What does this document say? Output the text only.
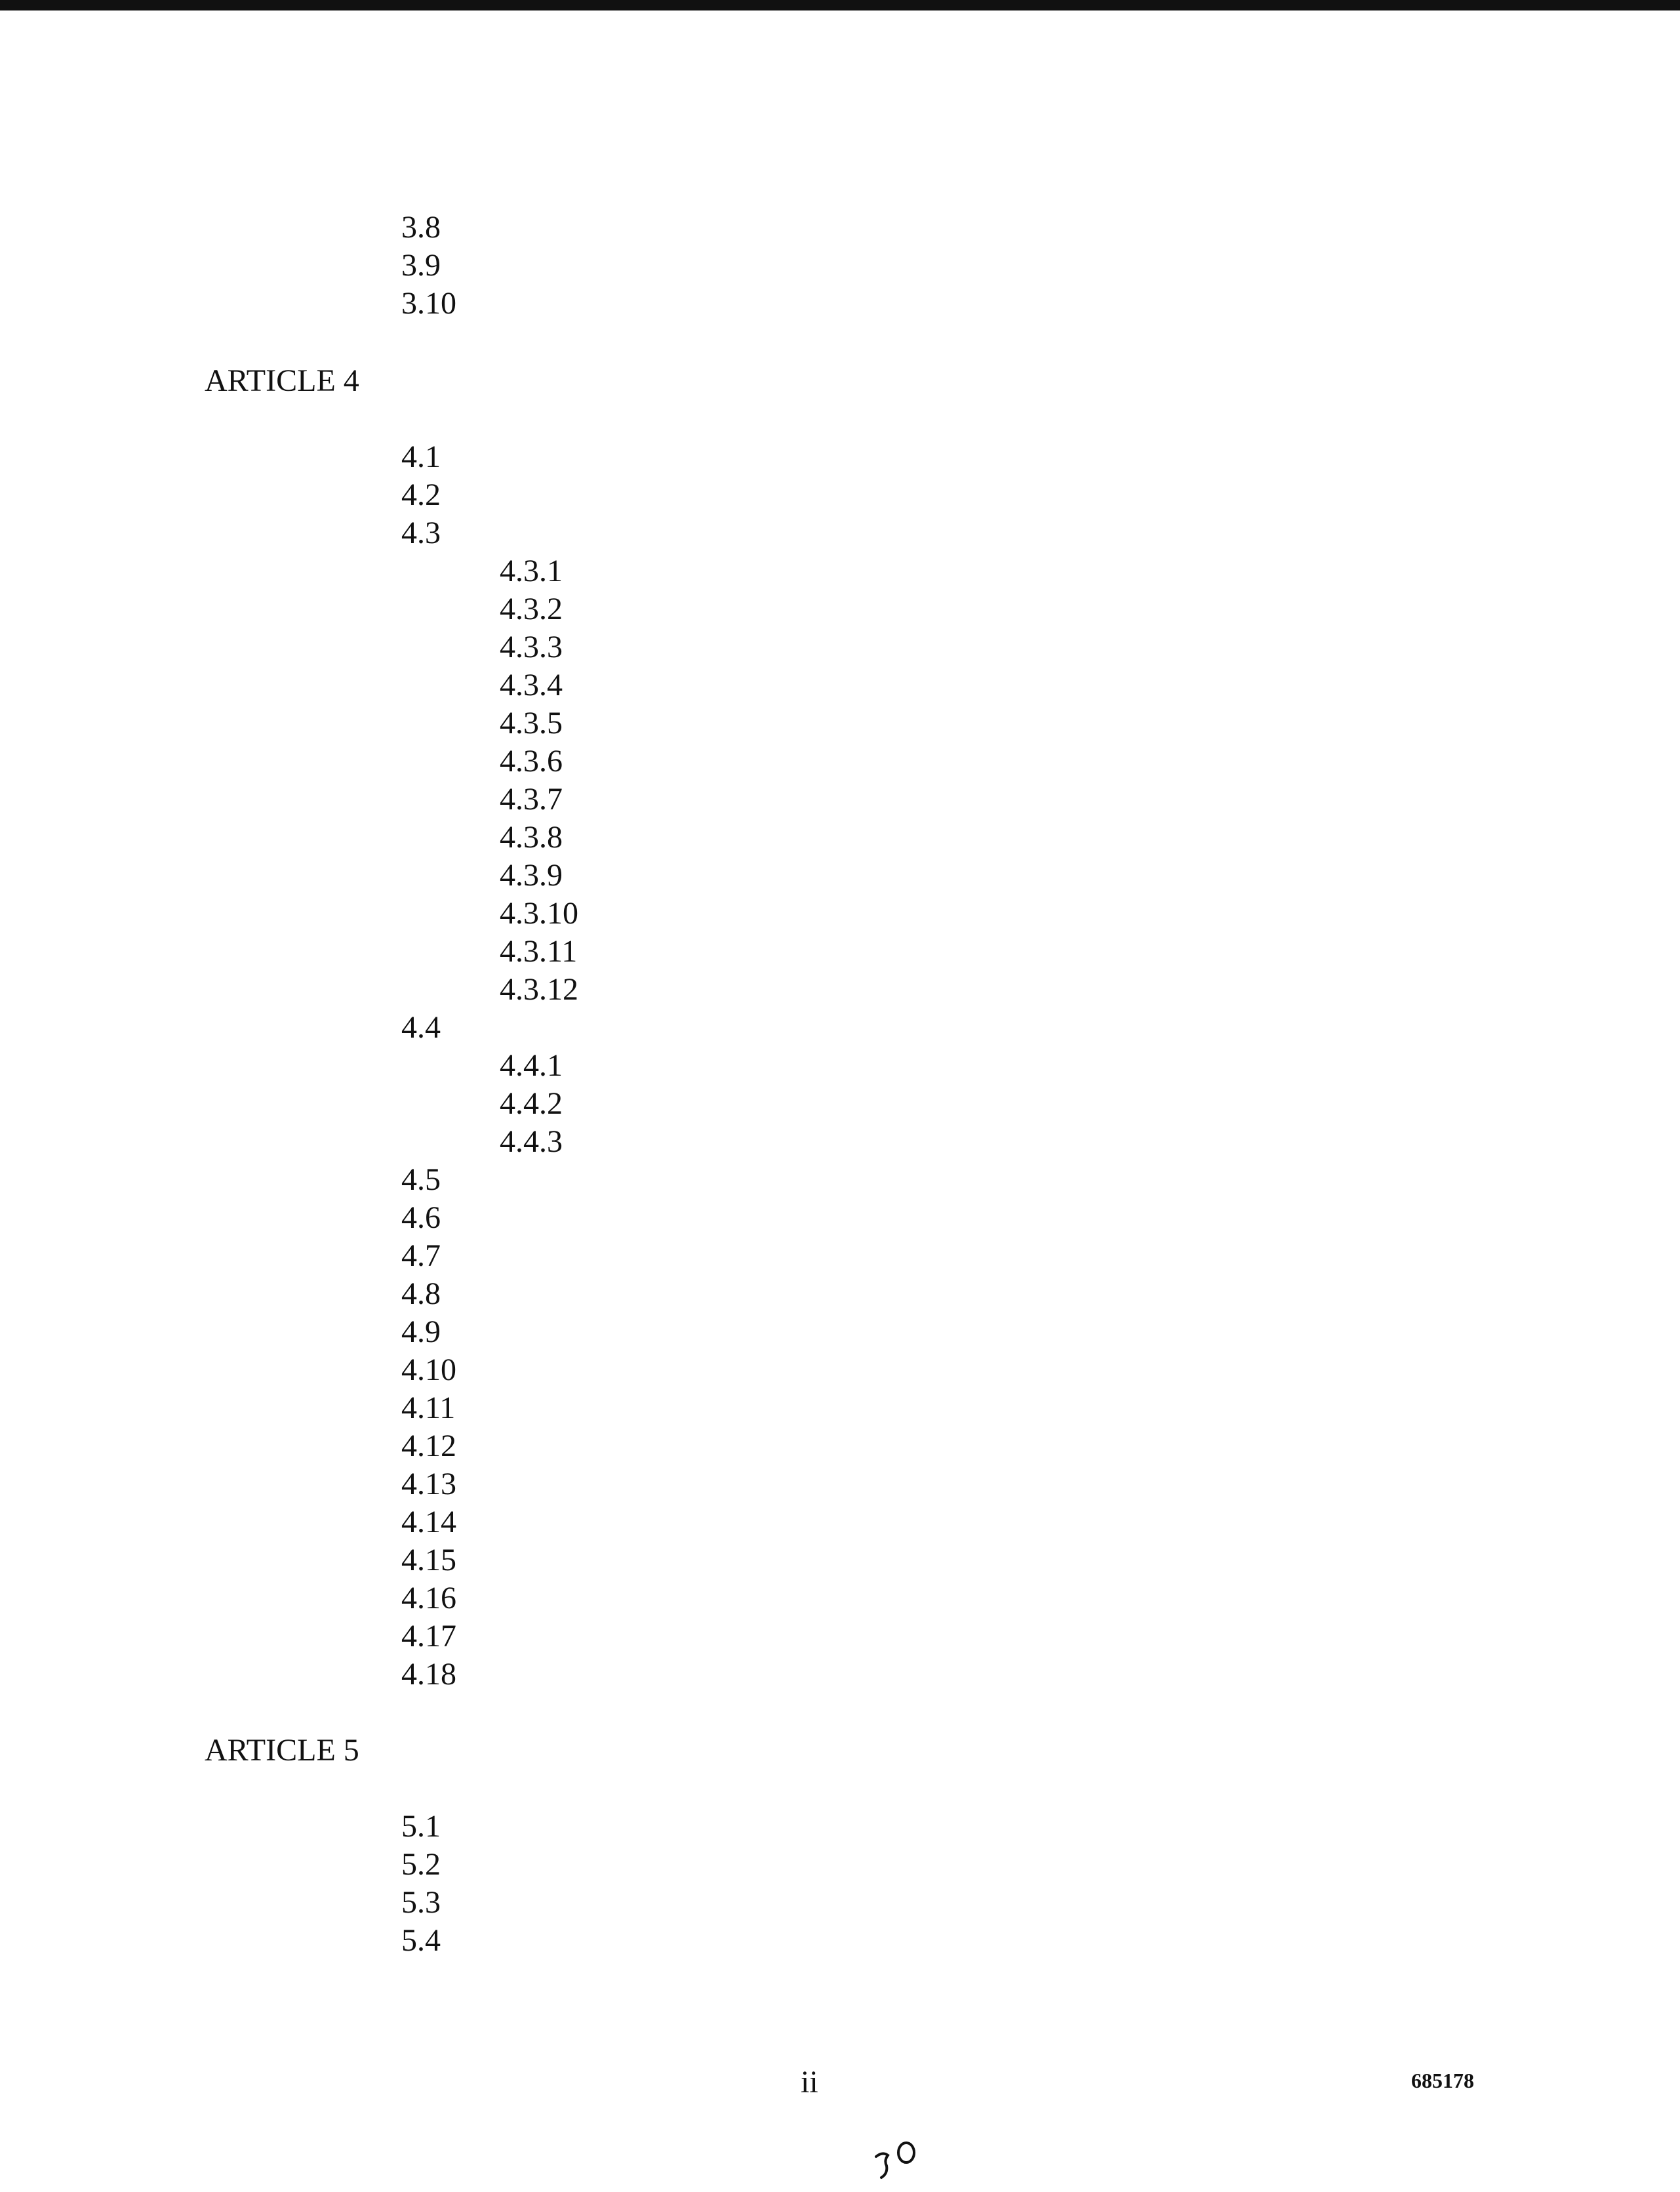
3.8
3.9
3.10
ARTICLE 4
4.1
4.2
4.3
4.3.1
4.3.2
4.3.3
4.3.4
4.3.5
4.3.6
4.3.7
4.3.8
4.3.9
4.3.10
4.3.11
4.3.12
4.4
4.4.1
4.4.2
4.4.3
4.5
4.6
4.7
4.8
4.9
4.10
4.11
4.12
4.13
4.14
4.15
4.16
4.17
4.18
ARTICLE 5
5.1
5.2
5.3
5.4
ii	685178
